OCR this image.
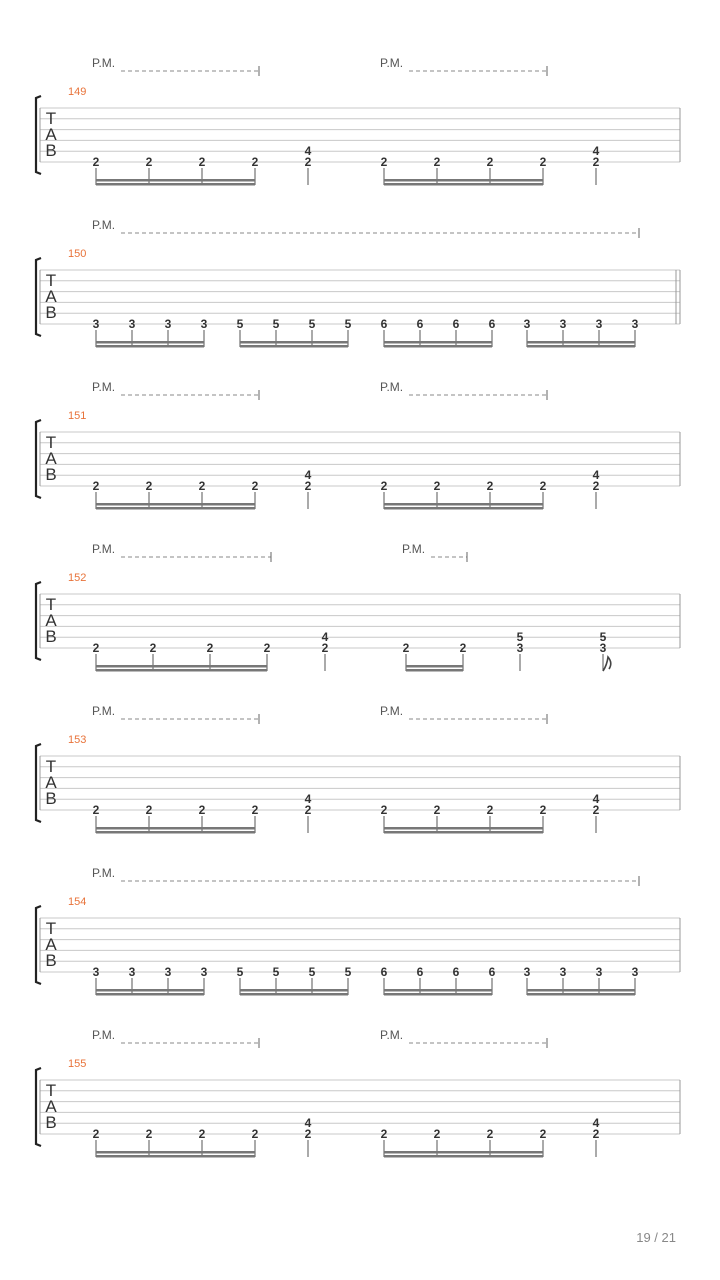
T
A
B
149
P.M.	P.M.
2	2	2	2
4
2	2	2	2	2
4
2
T
A
B
150
P.M.
3 3 3 3 5 5 5 5 6 6 6 6 3 3 3 3
T
A
B
151
P.M.	P.M.
2	2	2	2
4
2	2	2	2	2
4
2
T
A
B
152
P.M.	P.M.
2	2	2	2
4
2	2	2
5
3
5
3
T
A
B
153
P.M.	P.M.
2	2	2	2
4
2	2	2	2	2
4
2
T
A
B
154
P.M.
3 3 3 3 5 5 5 5 6 6 6 6 3 3 3 3
T
A
B
155
P.M.	P.M.
2	2	2	2
4
2	2	2	2	2
4
2
19 / 21
